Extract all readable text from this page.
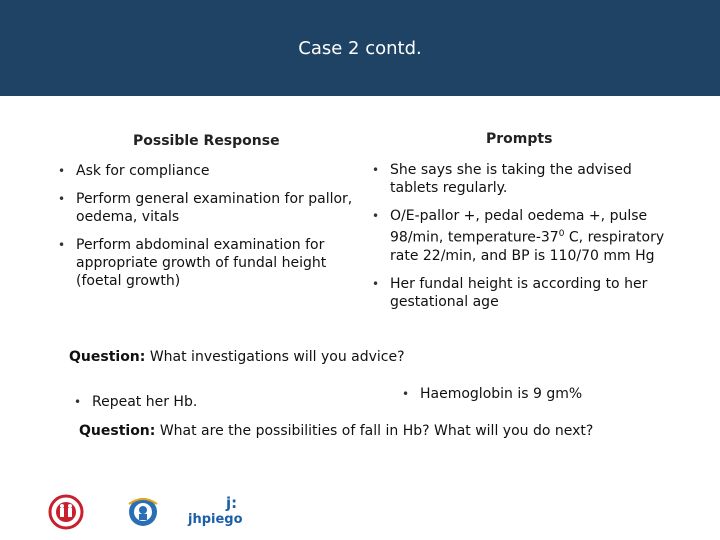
Case 2 contd.
Possible Response
• Ask for compliance
• Perform general examination for pallor, oedema, vitals
• Perform abdominal examination for appropriate growth of fundal height (foetal growth)
Prompts
• She says she is taking the advised tablets regularly.
• O/E-pallor +, pedal oedema +, pulse 98/min, temperature-$37^0$ C, respiratory rate 22/min, and BP is 110/70 mm Hg
• Her fundal height is according to her gestational age
Question: What investigations will you advice?
• Repeat her Hb.
•	Haemoglobin is 9 gm%
Question: What are the possibilities of fall in Hb? What will you do next?
j:
jhpiego
